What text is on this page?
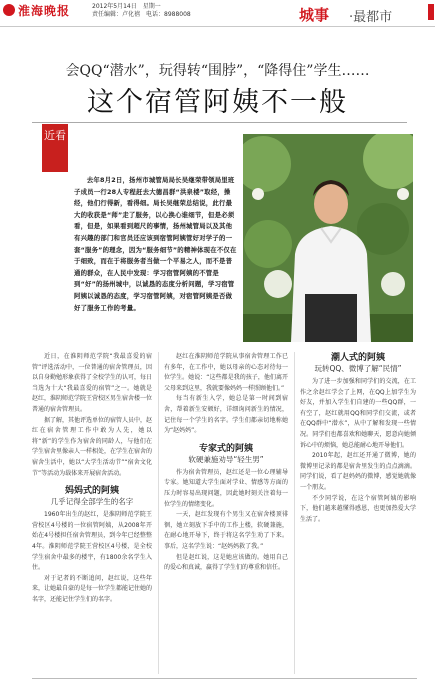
淮海晚报	2012年5月14日 星期一
责任编辑：卢化禧 电话：8988008	城事 ·最都市
会QQ“潜水”，玩得转“围脖”，“降得住”学生……
这个宿管阿姨不一般
近看
去年8月2日，扬州市城管局局长吴继荣带领局里班子成员一行28人专程赶去大德昌群“洪泉楼”取经，操经，他们行得新，看得细。局长吴继荣总结说，此行最大的收获是“师”走了服务，以心换心谁细节，但是必须看，但是，如果看到超尺的事情，扬州城管局以及其他有兴趣的部门和官员还应该到宿管阿姨管好对学子的一套“服务”的理念，因为“服务细节”的精神体现在不仅在于细致，而在于将服务者当做一个平易之人，而不是普通的群众，在人民中发现：学习宿管阿姨的不管是到“好”的扬州城中，以诚恳的态度分析问题，学习宿管阿姨以诚恳的态度，学习宿管阿姨，对宿管阿姨是否做好了服务工作的考量。

近日，在淮阴师范学院“我最喜爱的宿管”评选活动中，一位普通的宿舍管理员，因以自身勤勉形象获得了全校学生的认可，每日当选为十大“我最喜爱的宿管”之一。她就是赵红，淮阴师范学院王营校区男生宿舍楼一位普通的宿舍管理员。

据了解，其他评选单位的宿管人员中，赵红在宿舍管理工作中敢为人先，她以将“新”的学生作为宿舍的同龄人，与他们在学生宿舍里像亲人一样相处，在学生在宿舍的宿舍生活中，她以“大学生活动节”“宿舍文化节”等活动为载体来开展宿舍活动。

妈妈式的阿姨
几乎记得全部学生的名字

1960年出生的赵红，是淮阴师范学院王营校区4号楼的一位宿管阿姨，从2008年开始在4号楼担任宿舍管理员，到今年已经整整4年。淮阴师范学院王营校区4号楼，是全校学生宿舍中最多的楼宇，有1800余名学生入住。

对于记者的不断追问，赵红说，这些年来，让她最自豪的是每一位学生都能记住她的名字，还能记住学生们的名字。

赵红在淮阴师范学院从事宿舍管理工作已有多年，在工作中，她以母亲的心态对待每一位学生。她说：“这些都是我的孩子，他们离开父母来到这里，我就要像妈妈一样照顾他们。”

每当有新生入学，她总是第一时间到宿舍，帮着新生安顿好，详细询问新生的情况，记住每一个学生的名字。学生们都亲切地称她为“赵妈妈”。

专家式的阿姨
软硬兼施劝导“轻生男”

作为宿舍管理员，赵红还是一位心理辅导专家。她知道大学生面对学业、情感等方面的压力时容易出现问题，因此她时刻关注着每一位学生的情绪变化。

一天，赵红发现有个男生又在宿舍楼顶徘徊，她立刻放下手中的工作上楼，软硬兼施，在耐心地开导下，终于将这名学生劝了下来。事后，这名学生说：“赵妈妈救了我。”

但是赵红说，这是她应该做的。她用自己的爱心和真诚，赢得了学生们的尊重和信任。

潮人式的阿姨
玩转QQ、微博了解“民情”

为了进一步加强和同学们的交流，在工作之余赵红学会了上网，在QQ上加学生为好友，并加入学生们自建的一些QQ群，一有空了，赵红就用QQ和同学们交流，或者在QQ群中“潜水”，从中了解和发现一些情况。同学们也都喜欢和她聊天，愿意向她倾诉心中的烦恼，她总能耐心地开导他们。

2010年起，赵红还开通了微博，她的微博里记录的都是宿舍里发生的点点滴滴。同学们说，看了赵妈妈的微博，感觉她就像一个朋友。

不少同学说，在这个宿管阿姨的影响下，他们越来越懂得感恩，也更加热爱大学生活了。
